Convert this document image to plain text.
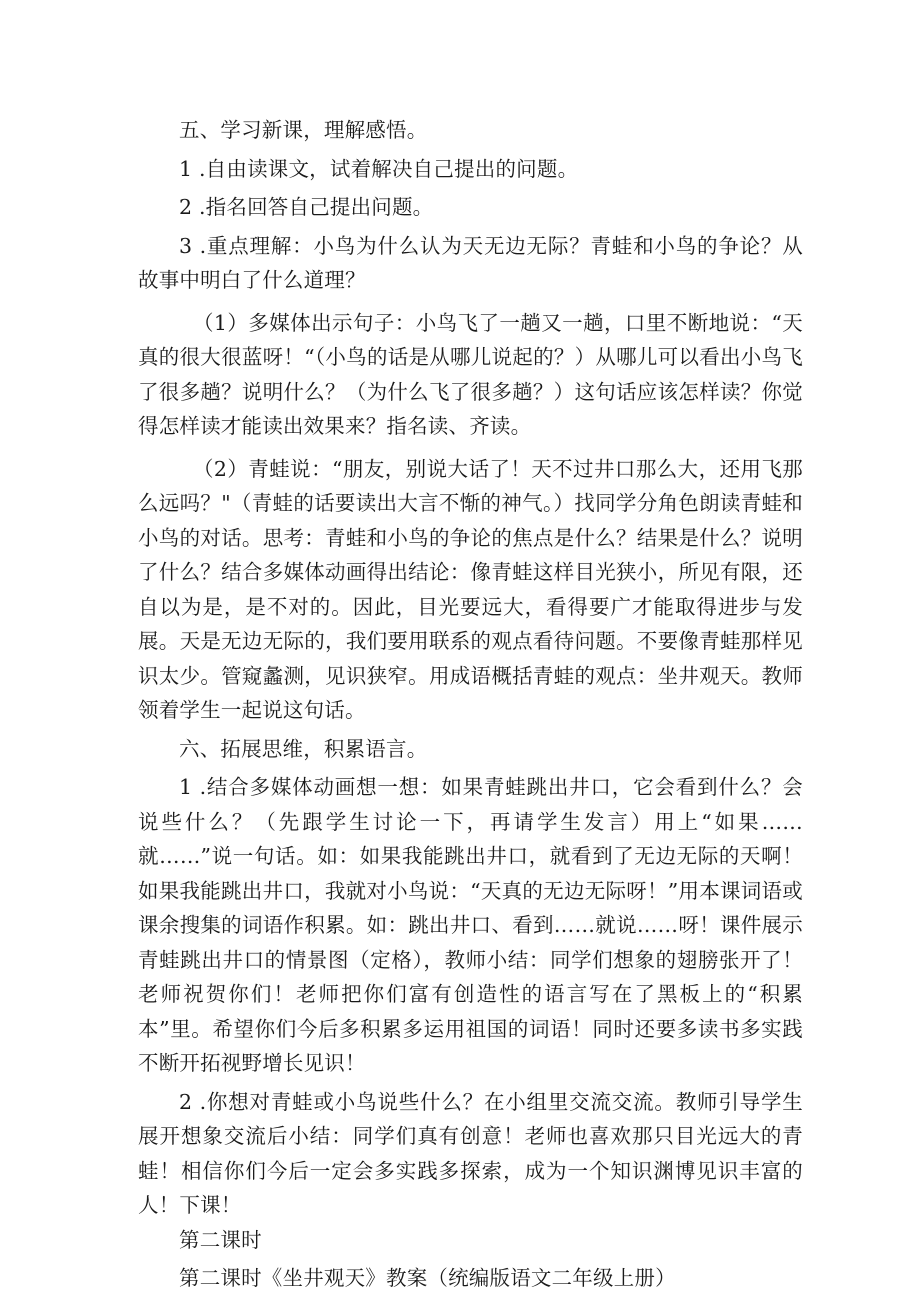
五、学习新课，理解感悟。

1 .自由读课文，试着解决自己提出的问题。

2 .指名回答自己提出问题。

3 .重点理解：小鸟为什么认为天无边无际？青蛙和小鸟的争论？从故事中明白了什么道理？

（1）多媒体出示句子：小鸟飞了一趟又一趟，口里不断地说：“天真的很大很蓝呀！“（小鸟的话是从哪儿说起的？）从哪儿可以看出小鸟飞了很多趟？说明什么？（为什么飞了很多趟？）这句话应该怎样读？你觉得怎样读才能读出效果来？指名读、齐读。

（2）青蛙说：“朋友，别说大话了！天不过井口那么大，还用飞那么远吗？"（青蛙的话要读出大言不惭的神气。）找同学分角色朗读青蛙和小鸟的对话。思考：青蛙和小鸟的争论的焦点是什么？结果是什么？说明了什么？结合多媒体动画得出结论：像青蛙这样目光狭小，所见有限，还自以为是，是不对的。因此，目光要远大，看得要广才能取得进步与发展。天是无边无际的，我们要用联系的观点看待问题。不要像青蛙那样见识太少。管窥蠡测，见识狭窄。用成语概括青蛙的观点：坐井观天。教师领着学生一起说这句话。

六、拓展思维，积累语言。

1 .结合多媒体动画想一想：如果青蛙跳出井口，它会看到什么？会说些什么？（先跟学生讨论一下，再请学生发言）用上“如果……就……”说一句话。如：如果我能跳出井口，就看到了无边无际的天啊！如果我能跳出井口，我就对小鸟说：“天真的无边无际呀！”用本课词语或课余搜集的词语作积累。如：跳出井口、看到……就说……呀！课件展示青蛙跳出井口的情景图（定格），教师小结：同学们想象的翅膀张开了！老师祝贺你们！老师把你们富有创造性的语言写在了黑板上的“积累本”里。希望你们今后多积累多运用祖国的词语！同时还要多读书多实践不断开拓视野增长见识！

2 .你想对青蛙或小鸟说些什么？在小组里交流交流。教师引导学生展开想象交流后小结：同学们真有创意！老师也喜欢那只目光远大的青蛙！相信你们今后一定会多实践多探索，成为一个知识渊博见识丰富的人！下课！

第二课时

第二课时《坐井观天》教案（统编版语文二年级上册）
